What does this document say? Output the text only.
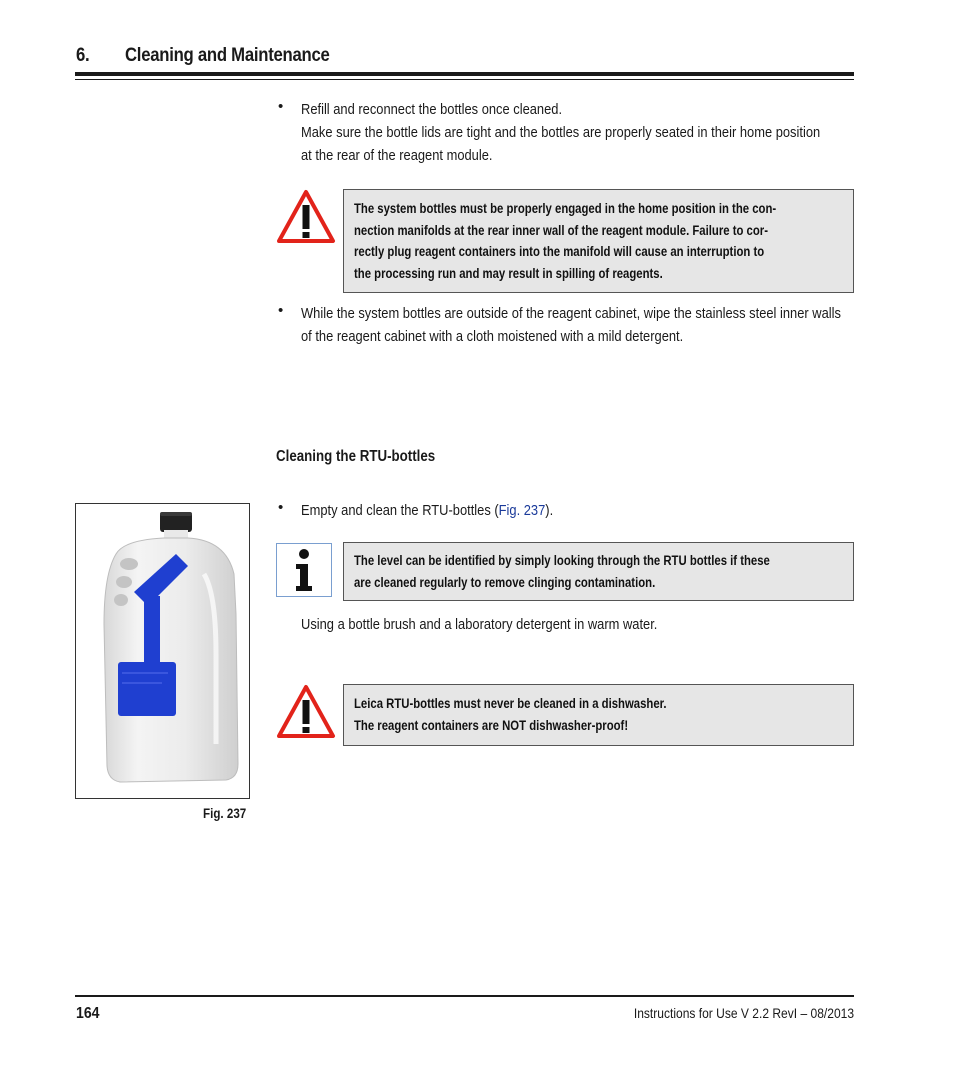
6. Cleaning and Maintenance
• Refill and reconnect the bottles once cleaned.
Make sure the bottle lids are tight and the bottles are properly seated in their home position
at the rear of the reagent module.
The system bottles must be properly engaged in the home position in the con-
nection manifolds at the rear inner wall of the reagent module. Failure to cor-
rectly plug reagent containers into the manifold will cause an interruption to
the processing run and may result in spilling of reagents.
• While the system bottles are outside of the reagent cabinet, wipe the stainless steel inner walls
of the reagent cabinet with a cloth moistened with a mild detergent.
Cleaning the RTU-bottles
Fig. 237
• Empty and clean the RTU-bottles (Fig. 237).
The level can be identified by simply looking through the RTU bottles if these
are cleaned regularly to remove clinging contamination.
Using a bottle brush and a laboratory detergent in warm water.
Leica RTU-bottles must never be cleaned in a dishwasher.
The reagent containers are NOT dishwasher-proof!
164	Instructions for Use V 2.2 RevI – 08/2013
